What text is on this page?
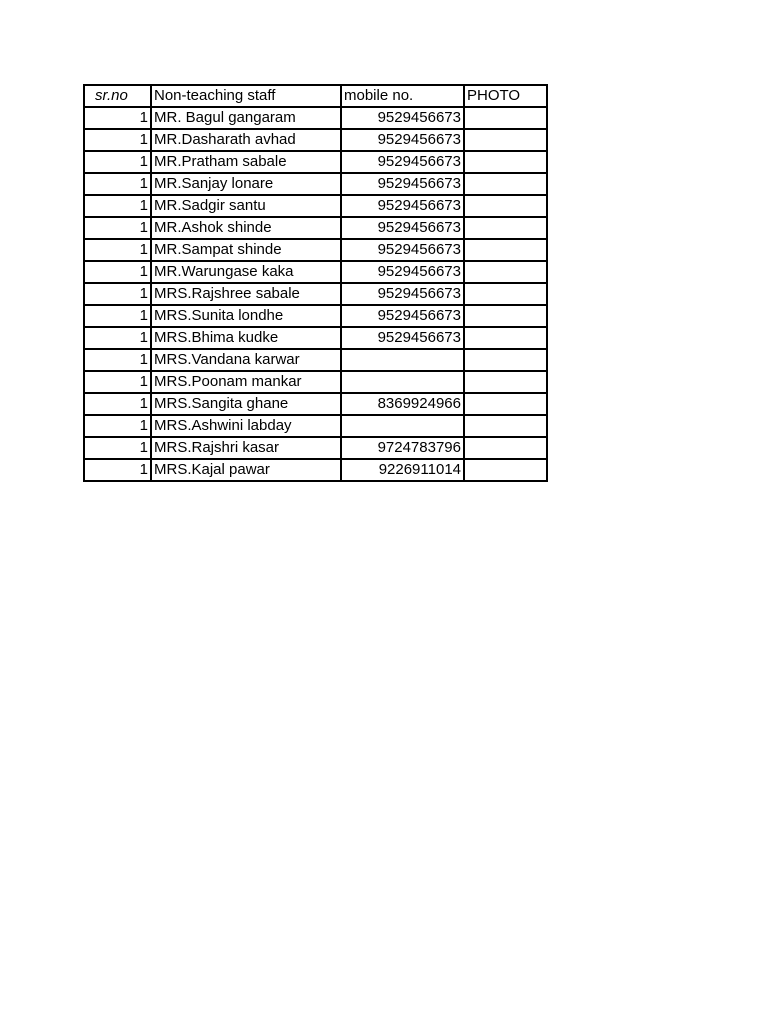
sr.no	Non-teaching staff	mobile no.	PHOTO
1	MR. Bagul gangaram	9529456673	
1	MR.Dasharath avhad	9529456673	
1	MR.Pratham sabale	9529456673	
1	MR.Sanjay lonare	9529456673	
1	MR.Sadgir santu	9529456673	
1	MR.Ashok shinde	9529456673	
1	MR.Sampat shinde	9529456673	
1	MR.Warungase kaka	9529456673	
1	MRS.Rajshree sabale	9529456673	
1	MRS.Sunita londhe	9529456673	
1	MRS.Bhima kudke	9529456673	
1	MRS.Vandana karwar		
1	MRS.Poonam mankar		
1	MRS.Sangita ghane	8369924966	
1	MRS.Ashwini labday		
1	MRS.Rajshri kasar	9724783796	
1	MRS.Kajal pawar	9226911014	
